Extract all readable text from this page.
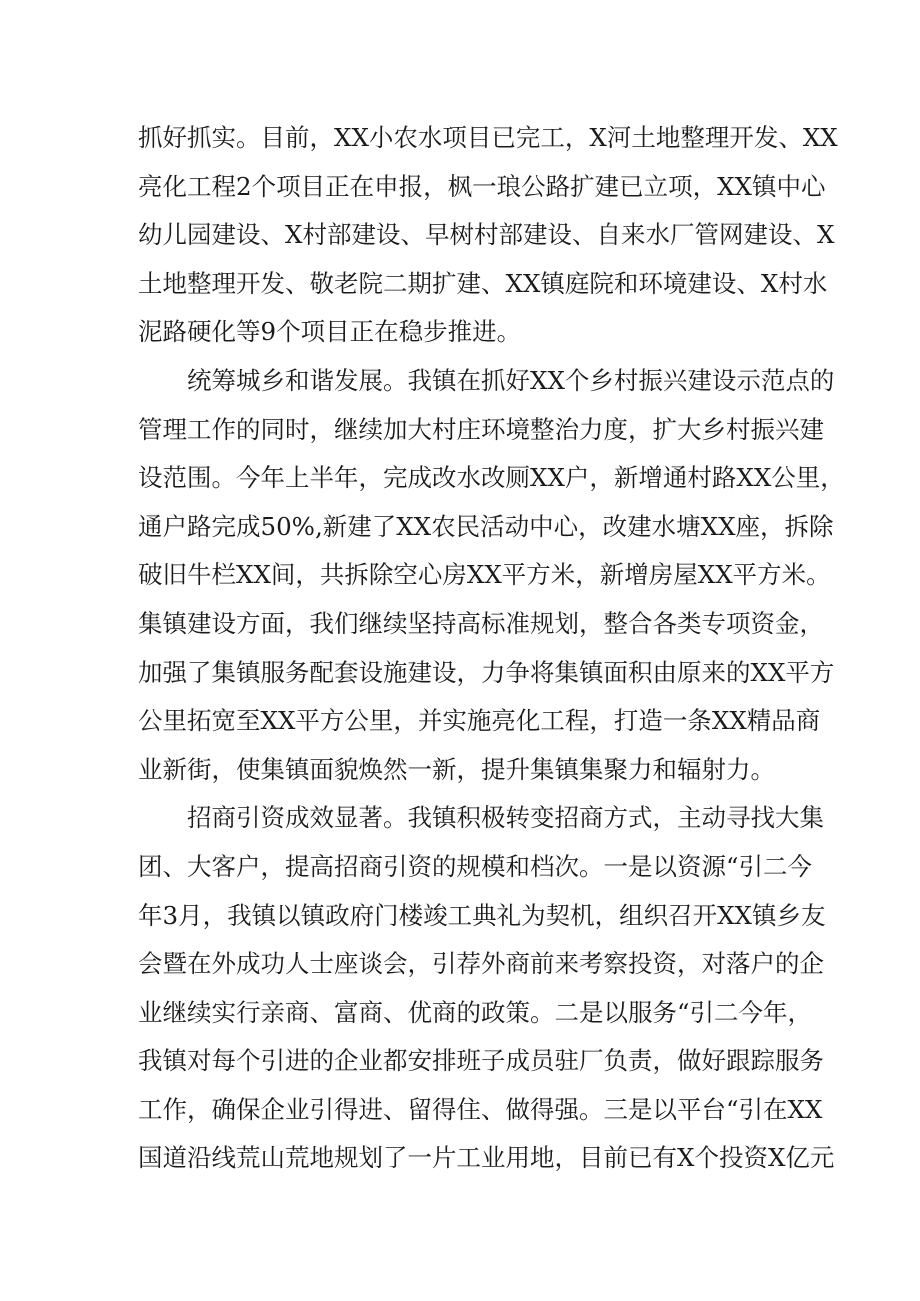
抓好抓实。目前，XX小农水项目已完工，X河土地整理开发、XX
亮化工程2个项目正在申报，枫一琅公路扩建已立项，XX镇中心
幼儿园建设、X村部建设、早树村部建设、自来水厂管网建设、X
土地整理开发、敬老院二期扩建、XX镇庭院和环境建设、X村水
泥路硬化等9个项目正在稳步推进。
统筹城乡和谐发展。我镇在抓好XX个乡村振兴建设示范点的
管理工作的同时，继续加大村庄环境整治力度，扩大乡村振兴建
设范围。今年上半年，完成改水改厕XX户，新增通村路XX公里，
通户路完成50%,新建了XX农民活动中心，改建水塘XX座，拆除
破旧牛栏XX间，共拆除空心房XX平方米，新增房屋XX平方米。
集镇建设方面，我们继续坚持高标准规划，整合各类专项资金，
加强了集镇服务配套设施建设，力争将集镇面积由原来的XX平方
公里拓宽至XX平方公里，并实施亮化工程，打造一条XX精品商
业新街，使集镇面貌焕然一新，提升集镇集聚力和辐射力。
招商引资成效显著。我镇积极转变招商方式，主动寻找大集
团、大客户，提高招商引资的规模和档次。一是以资源“引二今
年3月，我镇以镇政府门楼竣工典礼为契机，组织召开XX镇乡友
会暨在外成功人士座谈会，引荐外商前来考察投资，对落户的企
业继续实行亲商、富商、优商的政策。二是以服务“引二今年，
我镇对每个引进的企业都安排班子成员驻厂负责，做好跟踪服务
工作，确保企业引得进、留得住、做得强。三是以平台“引在XX
国道沿线荒山荒地规划了一片工业用地，目前已有X个投资X亿元
